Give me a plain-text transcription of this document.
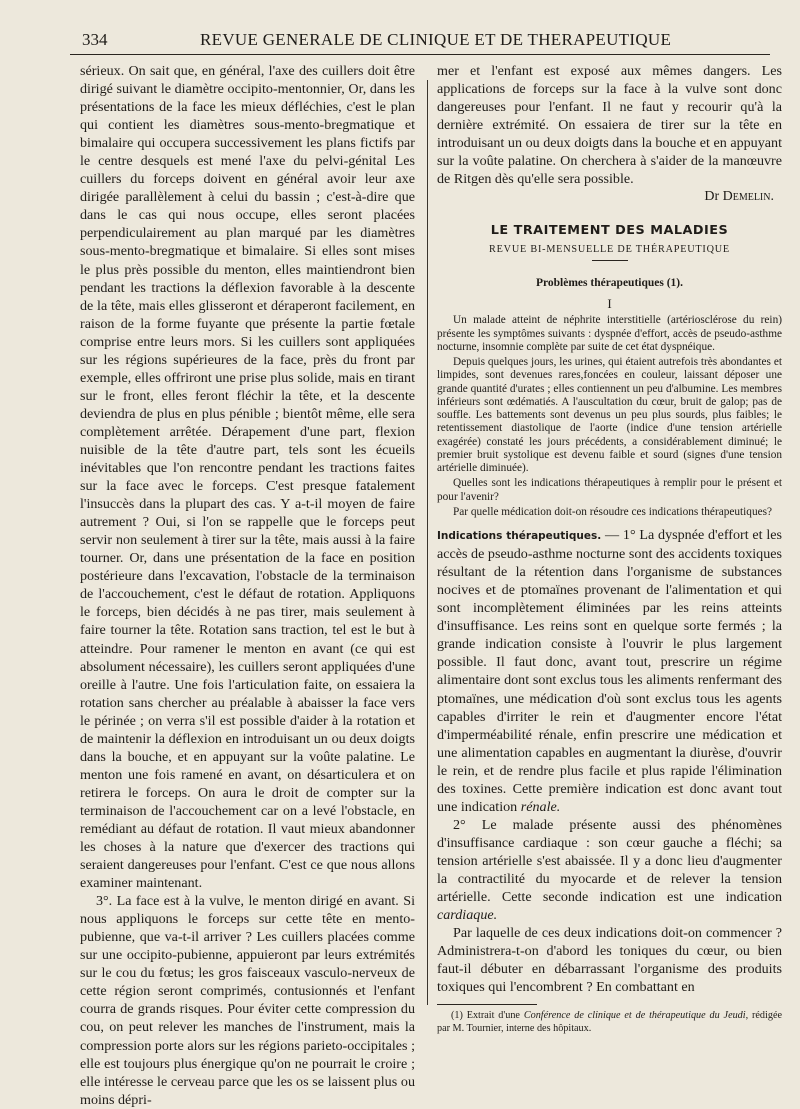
334	REVUE GENERALE DE CLINIQUE ET DE THERAPEUTIQUE

sérieux. On sait que, en général, l'axe des cuillers doit être dirigé suivant le diamètre occipito-mentonnier, Or, dans les présentations de la face les mieux défléchies, c'est le plan qui contient les diamètres sous-mento-bregmatique et bimalaire qui occupera successivement les plans fictifs par le centre desquels est mené l'axe du pelvi-génital Les cuillers du forceps doivent en général avoir leur axe dirigée parallèlement à celui du bassin ; c'est-à-dire que dans le cas qui nous occupe, elles seront placées perpendiculairement au plan marqué par les diamètres sous-mento-bregmatique et bimalaire. Si elles sont mises le plus près possible du menton, elles maintiendront bien pendant les tractions la déflexion favorable à la descente de la tête, mais elles glisseront et déraperont facilement, en raison de la forme fuyante que présente la partie fœtale comprise entre leurs mors. Si les cuillers sont appliquées sur les régions supérieures de la face, près du front par exemple, elles offriront une prise plus solide, mais en tirant sur le front, elles feront fléchir la tête, et la descente deviendra de plus en plus pénible ; bientôt même, elle sera complètement arrêtée. Dérapement d'une part, flexion nuisible de la tête d'autre part, tels sont les écueils inévitables que l'on rencontre pendant les tractions faites sur la face avec le forceps. C'est presque fatalement l'insuccès dans la plupart des cas. Y a-t-il moyen de faire autrement ? Oui, si l'on se rappelle que le forceps peut servir non seulement à tirer sur la tête, mais aussi à la faire tourner. Or, dans une présentation de la face en position postérieure dans l'excavation, l'obstacle de la terminaison de l'accouchement, c'est le défaut de rotation. Appliquons le forceps, bien décidés à ne pas tirer, mais seulement à faire tourner la tête. Rotation sans traction, tel est le but à atteindre. Pour ramener le menton en avant (ce qui est absolument nécessaire), les cuillers seront appliquées d'une oreille à l'autre. Une fois l'articulation faite, on essaiera la rotation sans chercher au préalable à abaisser la face vers le périnée ; on verra s'il est possible d'aider à la rotation et de maintenir la déflexion en introduisant un ou deux doigts dans la bouche, et en appuyant sur la voûte palatine. Le menton une fois ramené en avant, on désarticulera et on retirera le forceps. On aura le droit de compter sur la terminaison de l'accouchement car on a levé l'obstacle, en remédiant au défaut de rotation. Il vaut mieux abandonner les choses à la nature que d'exercer des tractions qui seraient dangereuses pour l'enfant. C'est ce que nous allons examiner maintenant.

3°. La face est à la vulve, le menton dirigé en avant. Si nous appliquons le forceps sur cette tête en mento-pubienne, que va-t-il arriver ? Les cuillers placées comme sur une occipito-pubienne, appuieront par leurs extrémités sur le cou du fœtus; les gros faisceaux vasculo-nerveux de cette région seront comprimés, contusionnés et l'enfant courra de grands risques. Pour éviter cette compression du cou, on peut relever les manches de l'instrument, mais la compression porte alors sur les régions parieto-occipitales ; elle est toujours plus énergique qu'on ne pourrait le croire ; elle intéresse le cerveau parce que les os se laissent plus ou moins dépri-

mer et l'enfant est exposé aux mêmes dangers. Les applications de forceps sur la face à la vulve sont donc dangereuses pour l'enfant. Il ne faut y recourir qu'à la dernière extrémité. On essaiera de tirer sur la tête en introduisant un ou deux doigts dans la bouche et en appuyant sur la voûte palatine. On cherchera à s'aider de la manœuvre de Ritgen dès qu'elle sera possible.

Dr Demelin.
LE TRAITEMENT DES MALADIES
REVUE BI-MENSUELLE DE THÉRAPEUTIQUE
Problèmes thérapeutiques (1).
I

Un malade atteint de néphrite interstitielle (artériosclérose du rein) présente les symptômes suivants : dyspnée d'effort, accès de pseudo-asthme nocturne, insomnie complète par suite de cet état dyspnéique.

Depuis quelques jours, les urines, qui étaient autrefois très abondantes et limpides, sont devenues rares,foncées en couleur, laissant déposer une grande quantité d'urates ; elles contiennent un peu d'albumine. Les membres inférieurs sont œdématiés. A l'auscultation du cœur, bruit de galop; pas de souffle. Les battements sont devenus un peu plus sourds, plus faibles; le retentissement diastolique de l'aorte (indice d'une tension artérielle exagérée) constaté les jours précédents, a considérablement diminué; le premier bruit systolique est devenu faible et sourd (signes d'une tension artérielle diminuée).

Quelles sont les indications thérapeutiques à remplir pour le présent et pour l'avenir?

Par quelle médication doit-on résoudre ces indications thérapeutiques?

Indications thérapeutiques. — 1° La dyspnée d'effort et les accès de pseudo-asthme nocturne sont des accidents toxiques résultant de la rétention dans l'organisme de substances nocives et de ptomaïnes provenant de l'alimentation et qui sont incomplètement éliminées par les reins atteints d'insuffisance. Les reins sont en quelque sorte fermés ; la grande indication consiste à l'ouvrir le plus largement possible. Il faut donc, avant tout, prescrire un régime alimentaire dont sont exclus tous les aliments renfermant des ptomaïnes, une médication d'où sont exclus tous les agents capables d'irriter le rein et d'augmenter encore l'état d'imperméabilité rénale, enfin prescrire une médication et une alimentation capables en augmentant la diurèse, d'ouvrir le rein, et de rendre plus facile et plus rapide l'élimination des toxines. Cette première indication est donc avant tout une indication rénale.

2° Le malade présente aussi des phénomènes d'insuffisance cardiaque : son cœur gauche a fléchi; sa tension artérielle s'est abaissée. Il y a donc lieu d'augmenter la contractilité du myocarde et de relever la tension artérielle. Cette seconde indication est une indication cardiaque.

Par laquelle de ces deux indications doit-on commencer ? Administrera-t-on d'abord les toniques du cœur, ou bien faut-il débuter en débarrassant l'organisme des produits toxiques qui l'encombrent ? En combattant en

(1) Extrait d'une Conférence de clinique et de thérapeutique du Jeudi, rédigée par M. Tournier, interne des hôpitaux.
